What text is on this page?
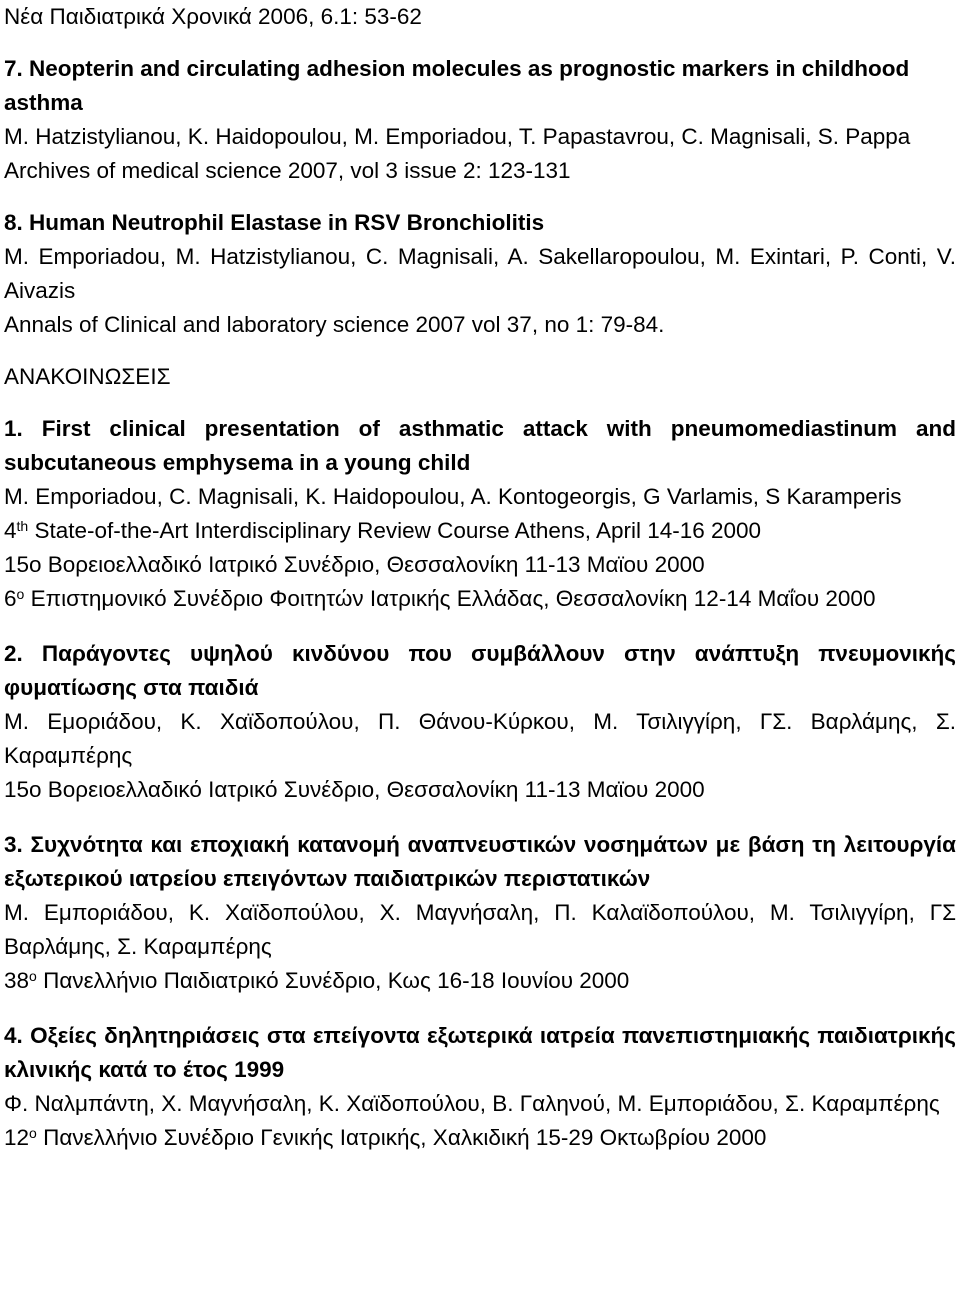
Νέα Παιδιατρικά Χρονικά 2006, 6.1: 53-62
7. Neopterin and circulating adhesion molecules as prognostic markers in childhood asthma
M. Hatzistylianou, K. Haidopoulou, M. Emporiadou, T. Papastavrou, C. Magnisali, S. Pappa
Archives of medical science 2007, vol 3 issue 2: 123-131
8. Human Neutrophil Elastase in RSV Bronchiolitis
M. Emporiadou, M. Hatzistylianou, C. Magnisali, A. Sakellaropoulou, M. Exintari, P. Conti, V. Aivazis
Annals of Clinical and laboratory science 2007 vol 37, no 1: 79-84.
ΑΝΑΚΟΙΝΩΣΕΙΣ
1. First clinical presentation of asthmatic attack with pneumomediastinum and subcutaneous emphysema in a young child
M. Emporiadou, C. Magnisali, K. Haidopoulou, A. Kontogeorgis, G Varlamis, S Karamperis
4th State-of-the-Art Interdisciplinary Review Course Athens, April 14-16 2000
15ο Βορειοελλαδικό Ιατρικό Συνέδριο, Θεσσαλονίκη 11-13 Μαϊου 2000
$6^o$ Επιστημονικό Συνέδριο Φοιτητών Ιατρικής Ελλάδας, Θεσσαλονίκη 12-14 Μαΐου 2000
2. Παράγοντες υψηλού κινδύνου που συμβάλλουν στην ανάπτυξη πνευμονικής φυματίωσης στα παιδιά
Μ. Εμοριάδου, Κ. Χαϊδοπούλου, Π. Θάνου-Κύρκου, Μ. Τσιλιγγίρη, ΓΣ. Βαρλάμης, Σ. Καραμπέρης
15ο Βορειοελλαδικό Ιατρικό Συνέδριο, Θεσσαλονίκη 11-13 Μαϊου 2000
3. Συχνότητα και εποχιακή κατανομή αναπνευστικών νοσημάτων με βάση τη λειτουργία εξωτερικού ιατρείου επειγόντων παιδιατρικών περιστατικών
Μ. Εμποριάδου, Κ. Χαϊδοπούλου, Χ. Μαγνήσαλη, Π. Καλαϊδοπούλου, Μ. Τσιλιγγίρη, ΓΣ Βαρλάμης, Σ. Καραμπέρης
$38^o$ Πανελλήνιο Παιδιατρικό Συνέδριο, Κως 16-18 Ιουνίου 2000
4. Οξείες δηλητηριάσεις στα επείγοντα εξωτερικά ιατρεία πανεπιστημιακής παιδιατρικής κλινικής κατά το έτος 1999
Φ. Ναλμπάντη, Χ. Μαγνήσαλη, Κ. Χαϊδοπούλου, Β. Γαληνού, Μ. Εμποριάδου, Σ. Καραμπέρης
$12^o$ Πανελλήνιο Συνέδριο Γενικής Ιατρικής, Χαλκιδική 15-29 Οκτωβρίου 2000
